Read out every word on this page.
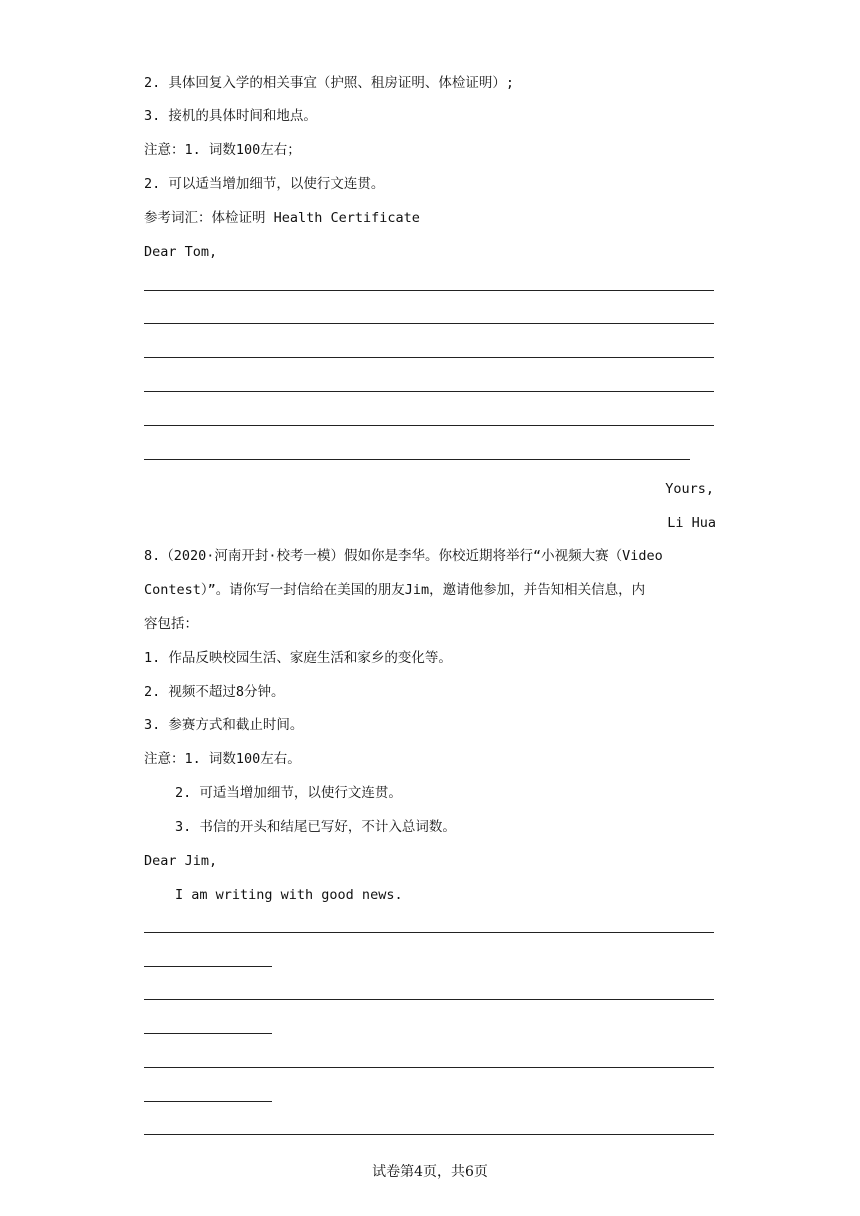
2. 具体回复入学的相关事宜（护照、租房证明、体检证明）;
3. 接机的具体时间和地点。
注意：1. 词数100左右；
2. 可以适当增加细节，以使行文连贯。
参考词汇：体检证明 Health Certificate
Dear Tom,
Yours,
Li Hua
8.（2020·河南开封·校考一模）假如你是李华。你校近期将举行“小视频大赛（Video
Contest）”。请你写一封信给在美国的朋友Jim，邀请他参加，并告知相关信息，内
容包括：
1. 作品反映校园生活、家庭生活和家乡的变化等。
2. 视频不超过8分钟。
3. 参赛方式和截止时间。
注意：1. 词数100左右。
2. 可适当增加细节，以使行文连贯。
3. 书信的开头和结尾已写好，不计入总词数。
Dear Jim,
I am writing with good news.
试卷第4页，共6页
